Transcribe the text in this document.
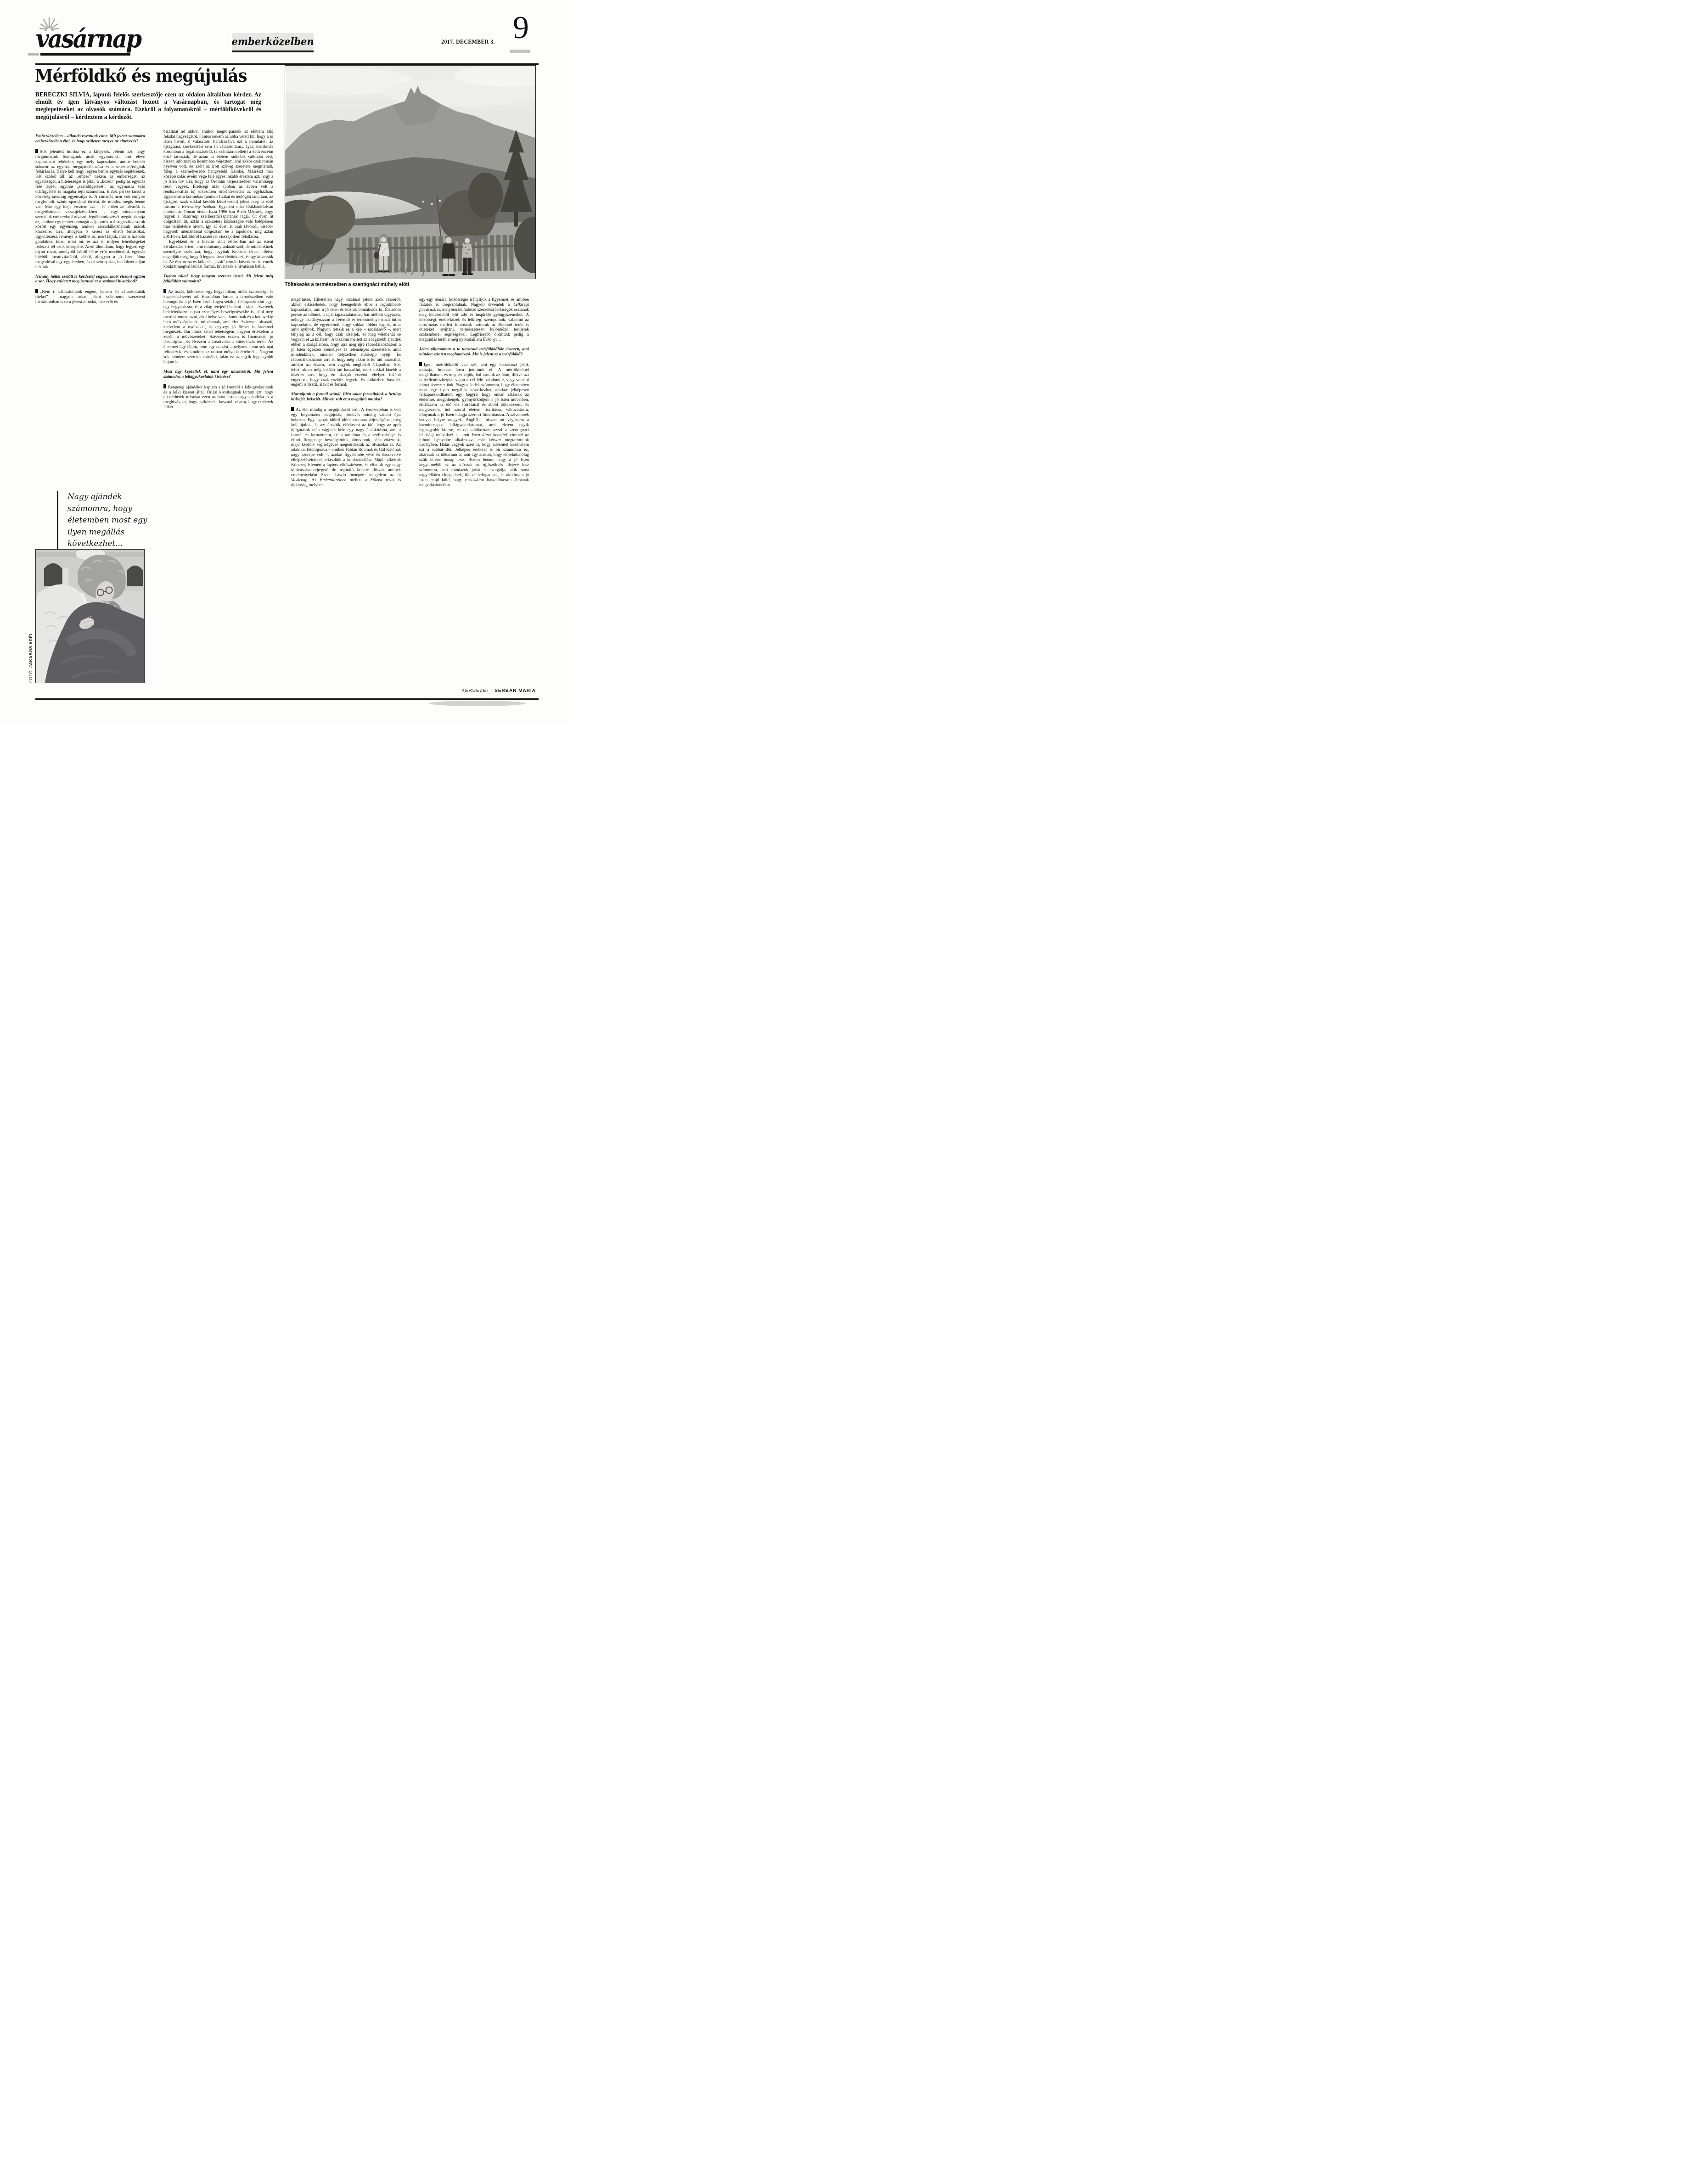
vasárnap	emberközelben	2017. DECEMBER 3. 9
Mérföldkő és megújulás

BERECZKI SILVIA, lapunk felelős szerkesztője ezen az oldalon általában kérdez. Az elmúlt év igen látványos változást hozott a Vasárnapban, és tartogat még meglepetéseket az olvasók számára. Ezekről a folyamatokról – mérföldkövekről és megújulásról – kérdeztem a kérdezőt.

Töltekezés a természetben a szentignáci műhely előtt

Emberközelben – állandó rovatunk címe. Mit jelent számodra emberközelben élni, és hogy született meg ez az elnevezés?

Sok jelentést hordoz ez a kifejezés. Jelenti azt, hogy megmutatjuk önmagunk arcát egymásnak, ami eleve kapcsolatot feltételez, egy mély kapcsolatot, amibe belefér sokszor az egymás megajándékozása és a sebezhetőségünk feltárása is. Helye kell hogy legyen benne egymás segítésének. Két szóból áll: az „ember” nekem az emberséget, az egyediséget, a hitelességet is jelzi, a „közeli” pedig az egymás felé lépést, egymás „szelídítgetését”, az egymásra való odafigyelést is magába rejti számomra. Ehhez persze társul a közelség-távolság egyensúlya is. A címadás nem volt ennyire megfontolt, szinte spontánul történt, de mindez mégis benne van. Már egy ideje éreztem azt – és ebben az olvasók is megerősítettek visszajelzéseikben –, hogy mindannyian szeretünk emberekről olvasni, legtöbbünk szívét megdobbantja az, amikor egy ember önmagát adja, amikor átsugárzik a sorok között egy egyéniség, amikor rácsodálkozhatunk mások kincseire, arra, ahogyan ő keresi az éltető forrásokat. Együttérzést, reményt is kelthet ez, mert látjuk, más is hasonló gondokkal küzd, mint mi, és azt is, milyen lehetőségeket fedezett fel azok közepette. Arról álmodtam, hogy legyen egy olyan rovat, amelyből hétről hétre erőt meríthetünk egymás hitéből, kreativitásából, abból, ahogyan a jó Isten álma megvalósul egy-egy életben, és ez szárnyakat, lendületet adjon nekünk.

Néhány héttel ezelőtt te kérdeztél engem, most viszont rajtam a sor. Hogy született meg benned ez a szakmai hivatásod?

„Nem ti választottatok engem, hanem én választottalak titeket” – nagyon sokat jelent számomra szerzetesi hivatásomban is ez a jézusi mondat, hisz erőt és

bizalmat ad akkor, amikor megtorpannék az előttem álló feladat nagyságától. Fontos nekem az abba vetett hit, hogy a jó Isten hívott, ő választott. Parafrazálva ezt a mondatot: az újságírást, szerkesztést sem én választottam... Igaz, kisiskolás koromban a fogalmazásórák (a számtan mellett) a kedvenceim közé tartoztak, de aztán az életem radikális változást vett, hiszen informatika líceumban végeztem, ami akkor csak román nyelven volt, de azért az írott szöveg szeretete megmaradt, főleg a személyesebb hangvételű írásoké. Másrészt már középiskolás éveim vége felé egyre inkább éreztem azt, hogy a jó Isten hív arra, hogy az Örömhír terjesztésében valamiképp részt vegyek. Érettségi után (abban az évben volt a rendszerváltás is) elkezdtem önkénteskedni az egyházban. Egyetemista koromban (amikor fizikát és teológiát tanultam, az újságírói szak sokkal később következett) jelent meg az első írásom a Keresztény Szóban. Egyetem után Csíkbánkfalván tanítottam. Onnan hívtak haza 1996-ban Bodó Mártáék, hogy legyek a Vasárnap szerkesztőcsapatának tagja. Öt éven át dolgoztam itt, aztán a szerzetesi közösségbe való belépésem más területekre hívott, így 13 éven át csak távolról, kisebb-nagyobb intenzitással dolgoztam be a lapokhoz, míg aztán 2014-ben, külföldről hazatérve, visszajöttem félállásba.

Egyébként én a hivatás alatt elsősorban azt az isteni kiválasztást értem, ami mindannyiunknak szól, de mindenkinek személyre szabottan, hogy legyünk Krisztus társai, illetve engedjük meg, hogy ő legyen társa életünknek, és így kövessük őt. Az életforma és küldetés „csak” ezután következnek, ennek konkrét megvalósulási formái, hivatások a hivatáson belül.

Tudom rólad, hogy nagyon szeretsz úszni. Mi jelent még felüdülést számodra?

Az úszás, különösen egy hegyi tóban, óriási szabadság- és kapcsolatérzetet ad. Hasonlóan fontos a természetben való barangolás: a jó Isten kezét fogva sétálni, felkapaszkodni egy-egy hegycsúcsra, és a világ tetejéről belátni a tájat... Szeretek belefeledkezni olyan személyes beszélgetésekbe is, ahol meg merünk mutatkozni, ahol helye van a humornak és a könnyekig ható mélységeknek, mindannak, ami élet. Szívesen olvasok, kedvelem a nyelveket, és egy-egy jó filmet is örömmel megnézek. Bár nincs zenei tehetségem, nagyon értékelem a zenét, a művészeteket. Szívesen eszem is finomakat, jó társaságban, és élvezem a kreativitást a sütés-főzés terén. Az életemet úgy látom, mint egy utazást, amelynek során sok újat felfedezek, és tanulom az otthon mélyebb értelmét... Nagyon sok mindent szeretek csinálni, talán ez az egyik legnagyobb bajom is.

Most úgy képzellek el, mint egy utaskísérőt. Mit jelent számodra a lelkigyakorlatok kísérése?

Rengeteg ajándékot kaptam a jó Istentől a lelkigyakorlatok és a lelki kíséret által. Óriási kiváltságnak tartom azt, hogy elkísérhetek másokat ezen az úton. Isten nagy ajándéka ez a meghívás, az, hogy eszközként használ fel arra, hogy emberek lelkét

megérintse. Hihetetlen nagy bizalmat jelent azok részéről, akiket elkísérhetek, hogy beengednek ebbe a legintimebb kapcsolatba, ami a jó Isten és köztük bontakozik ki. Én adom persze az időmet, a saját tapasztalatomat, bár utóbbit vigyázva, nehogy akadályozzam a Teremtő és teremtménye közti intim kapcsolatot, de egyértelmű, hogy sokkal többet kapok, mint amit nyújtok. Nagyon tetszik ez a kép – utaskísérő –, mert tényleg az a cél, hogy csak kísérjek, és még véletlenül se vegyem el „a kilátást”. A bizalom mellett az a legszebb ajándék ebben a szolgálatban, hogy újra meg újra rácsodálkozhatom a jó Isten egészen személyes és leleményes szeretetére, amit mindenkinek, minden helyzetben másképp nyújt. És rácsodálkozhatom arra is, hogy még akkor is fel tud használni, amikor azt érzem, nem vagyok megfelelő állapotban. Sőt, lehet, akkor még inkább tud használni, mert sokkal kisebb a kísértés arra, hogy én akarjak vezetni, ehelyett inkább engedem, hogy csak eszköz legyek. És miközben használ, engem is tisztít, alakít és formál.

Maradjunk a formál szónál. Idén sokat formáltátok a hetilap külsejét, belsejét. Milyen volt ez a megújító munka?

Az élet mindig a megújulásról szól. A Vasárnapban is volt egy folyamatos megújulás, törekvés mindig valami újat behozni. Egy lapnak időről időre azonban teljességében meg kell újulnia, és azt éreztük, elérkezett az idő, hogy az apró újítgatások után vágjunk bele egy nagy átalakításba, ami a formát és formátumot, de a tartalmat és a szellemiséget is érinti. Rengeteget beszélgettünk, álmodtunk, néha vitáztunk, majd kérdőív segítségével megkérdeztük az olvasókat is. Az adatokat feldolgozva – amiben Fábián Robinak és Gál Katónak nagy szerepe volt –, azokat figyelembe véve és összevetve elképzeléseinkkel, elkezdtük a konkretizálást. Majd felkértük Könczey Elemért a lapterv elkészítésére, és elindult egy nagy kihívásokat rejtegető, de inspiráló, kreatív időszak, aminek eredményeként Szent László ünnepére megjelent az új Vasárnap. Az Emberközelben mellett a Fókusz rovat is újdonság, melyben

egy-egy témára, közösségre irányítjuk a figyelmet, és amiben fiatalok is megszólalnak. Nagyon örvendek a Lelkiségi forrásnak is, melyben különböző szerzetesi lelkiségek osztanak meg kincseikből erőt adó és inspiráló gyöngyszemeket. A közösségi, emberközeli és lelkiségi szempontok, valamint az informálás mellett fontosnak tartottuk az életmód terén is ötleteket nyújtani, természetesen különböző területek szakemberei segítségével. Legfrissebb örömünk pedig a megújulás terén a még nyomdaillatú Évkönyv...

Jelen pillanatban a te utazásod mérföldkőhöz érkezett, ami minden szinten meghatározó. Mit is jelent ez a mérföldkő?

Igen, mérföldkőről van szó, ami egy útszakaszt jelöl, mutatja, honnan hova jutottunk el. A mérföldkőnél megállhatunk és megnézhetjük, hol tartunk az úton, illetve azt is leellenőrizhetjük: vajon a cél felé haladunk-e, vagy valahol irányt tévesztettünk. Nagy ajándék számomra, hogy életemben most egy ilyen megállás következhet, amikor jelképesen felkapaszkodhatom egy hegyre, hogy onnan rálássak az életemre, megpihenjek, gyönyörködjem a jó Isten műveiben, elidőzzem az élő víz forrásánál és abból töltekezzem, és megnézzem, hol szorul életem tisztításra, változtatásra, irányának a jó Isten hangja szerinti finomítására. A szívemnek kedves helyre megyek, Angliába, hiszen ott végeztem a harmincnapos lelkigyakorlatomat, ami életem egyik legnagyobb kincse, és ott találkoztam azzal a szentignáci lelkiségi műhellyel is, amit Isten álma bennünk címmel az itthoni igényekre alkalmazva már kétszer megtartottunk Erdélyben. Hálás vagyok azért is, hogy adventtel kezdhetem ezt a sabbát-időt. Jelképes értékkel is bír számomra ez, akárcsak az időtartam is, ami úgy alakult, hogy előreláthatólag szűk kilenc hónap lesz. Bízom benne, hogy a jó Isten kegyelméből ez az időszak az újjászületés idejévé lesz számomra, ami mindazok javát is szolgálja, akik most nagylelkűen elengednek, illetve befogadnak, és akikhez a jó Isten majd küld, hogy eszközként használhasson álmának megvalósításában...

Nagy ajándék számomra, hogy életemben most egy ilyen megállás következhet...
FOTÓ: JAKABOS ADÉL
KÉRDEZETT SERBÁN MÁRIA
